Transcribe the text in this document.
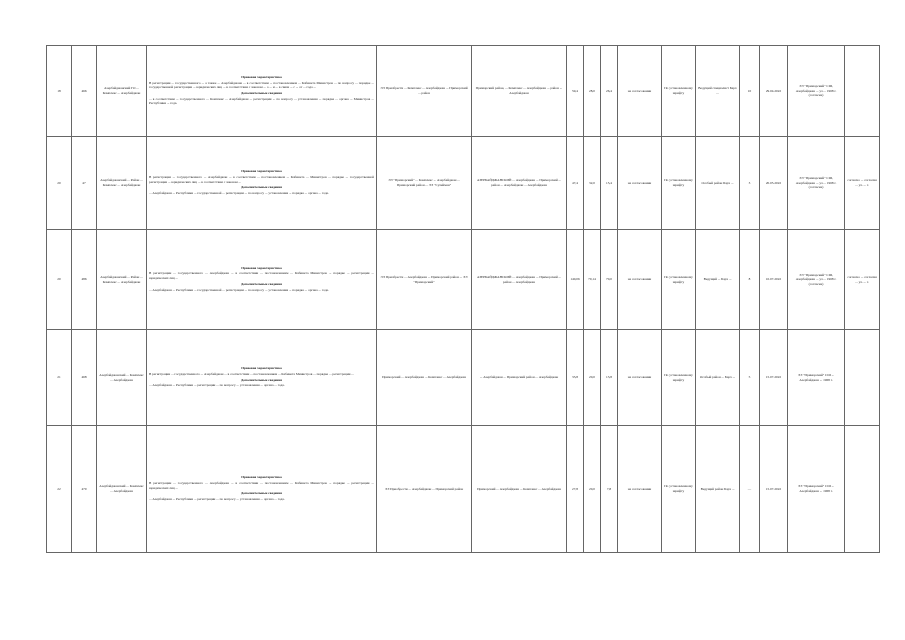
18	466	Азербайджанский ГО ... Комплекс ... Азербайджан	Правовая характеристика

В регистрации ... государственного ... а также ... Азербайджана ... в соответствии ... постановлением ... Кабинета Министров ... по вопросу ... порядке ... государственной регистрации ... юридических лиц ... в соответствии с законом ... о ... и ... в связи ... с ... от ... года ...

Дополнительные сведения

... в соответствии ... государственного ... Комплекс ... Азербайджан ... регистрации ... по вопросу ... установления ... порядка ... органа ... Министров ... Республики ... года.	ЭЭ Приобрести ... Комплекс ... Азербайджан ... Приморский ... район	Приморский район, ... Комплекс ... Азербайджан ... район ... Азербайджан	59,4	28,0	26,4	на согласовании	По установленному шрифту	Ведущий специалист Барх ...	10	29.04.2022	ЭЭ "Приморский" СШ, Азербайджан ... ул ... 1968 г. (согласие)	
20	47	Азербайджанский ... Район ... Комплекс ... Азербайджан	Правовая характеристика

В регистрации ... государственного ... Азербайджан ... в соответствии ... постановлением ... Кабинета ... Министров ... порядке ... государственной регистрации ... юридических лиц ... в соответствии с законом ...

Дополнительные сведения

... Азербайджан ... Республики ... государственной ... регистрации ... по вопросу ... установления ... порядка ... органа ... года.	ЭЭ "Приморский" ... Комплекс ... Азербайджан ... Приморский район ... ЭЭ "Сулейман"	АЗЕРБАЙДЖАНСКИЙ ... Азербайджан ... Приморский ... район ... Азербайджан ... Азербайджан	47,4	32,0	15,4	на согласовании	По установленному шрифту	Особый район Барх ...	3	20.05.2022	ЭЭ "Приморский" СШ, Азербайджан ... ул ... 1968 г. (согласие)	согласно ... согласия ... ул. ... г.
20	486	Азербайджанский ... Район ... Комплекс ... Азербайджан	Правовая характеристика

В регистрации ... государственного ... Азербайджан ... в соответствии ... постановлением ... Кабинета Министров ... порядке ... регистрации ... юридических лиц ...

Дополнительные сведения

... Азербайджан ... Республики ... государственной ... регистрации ... по вопросу ... установления ... порядка ... органа ... года.	ЭЭ Приобрести ... Азербайджан ... Приморский район ... ЭЭ "Приморский"	АЗЕРБАЙДЖАНСКИЙ ... Азербайджан ... Приморский ... район ... Азербайджан	140,06	70,14	70,0	на согласовании	По установленному шрифту	Ведущий ... Барх ...	8	10.07.2022	ЭЭ "Приморский" СШ, Азербайджан ... ул ... 1968 г. (согласие)	согласно ... согласия ... ул. ... г.
21	468	Азербайджанский ... Комплекс ... Азербайджан	Правовая характеристика

В регистрации ... государственного ... Азербайджан ... в соответствии ... постановлением ... Кабинета Министров ... порядке ... регистрации ...

Дополнительные сведения

... Азербайджан ... Республики ... регистрации ... по вопросу ... установления ... органа ... года.	Приморский ... Азербайджан ... Комплекс ... Азербайджан	... Азербайджан ... Приморский район ... Азербайджан	33,8	20,0	13,8	на согласовании	По установленному шрифту	Особый район ... Барх ...	5	15.07.2022	ЭЭ "Приморский" СШ ... Азербайджан ... 1968 г.	
22	470	Азербайджанский ... Комплекс ... Азербайджан	Правовая характеристика

В регистрации ... государственного ... Азербайджан ... в соответствии ... постановлением ... Кабинета Министров ... порядке ... регистрации ... юридических лиц ...

Дополнительные сведения

... Азербайджан ... Республики ... регистрации ... по вопросу ... установления ... органа ... года.	ЭЭ Приобрести ... Азербайджан ... Приморский район	Приморский ... Азербайджан ... Комплекс ... Азербайджан	27,8	20,0	7,8	на согласовании	По установленному шрифту	Ведущий район Барх ...	—	15.07.2022	ЭЭ "Приморский" СШ ... Азербайджан ... 1968 г.	
